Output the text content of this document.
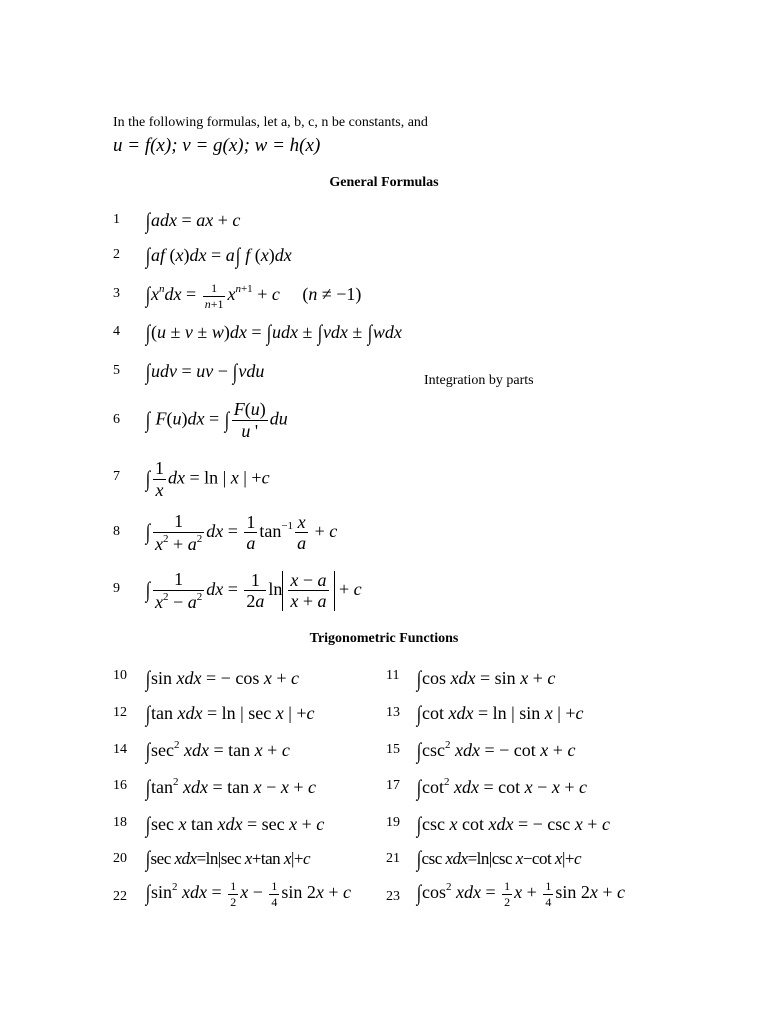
In the following formulas, let a, b, c, n be constants, and
u = f(x); v = g(x); w = h(x)
General Formulas
1 ∫adx = ax + c
2 ∫af (x)dx = a∫ f (x)dx
3 $\int x^ndx = \frac{1}{n+1} x^{n+1} + c$     (n ≠ −1)
4 ∫(u ± v ± w)dx = ∫udx ± ∫vdx ± ∫wdx
5 ∫udv = uv − ∫vdu	Integration by parts
6 ∫ F(u)dx = ∫ $\frac{F(u)}{u '}$ du
7 ∫ $\frac{1}{x}$ dx = ln | x | +c
8 ∫ $\frac{1}{x^2 + a^2}$ dx = $\frac{1}{a} \tan^{-1} \frac{x}{a} + c$
9 ∫ $\frac{1}{x^2 - a^2}$ dx = $\frac{1}{2a}$ $\ln \frac{x - a}{x + a} + c$
Trigonometric Functions
10 ∫sin xdx = − cos x + c	11 ∫cos xdx = sin x + c
12 ∫tan xdx = ln | sec x | +c	13 ∫cot xdx = ln | sin x | +c
14 $\int\sec^2$ xdx = tan x + c	15 $\int\csc^2$ xdx = − cot x + c
16 $\int\tan^2$ xdx = tan x − x + c	17 $\int\cot^2$ xdx = cot x − x + c
18 ∫sec x tan xdx = sec x + c	19 ∫csc x cot xdx = − csc x + c
20 ∫sec xdx=ln|sec x+tan x|+c	21 ∫csc xdx=ln|csc x−cot x|+c
22 $\int\sin^2$ xdx = $\frac{1}{2}$ $x - \frac{1}{4}$ sin 2x + c 23 $\int\cos^2$ xdx = $\frac{1}{2}$ $x + \frac{1}{4}$ sin 2x + c
